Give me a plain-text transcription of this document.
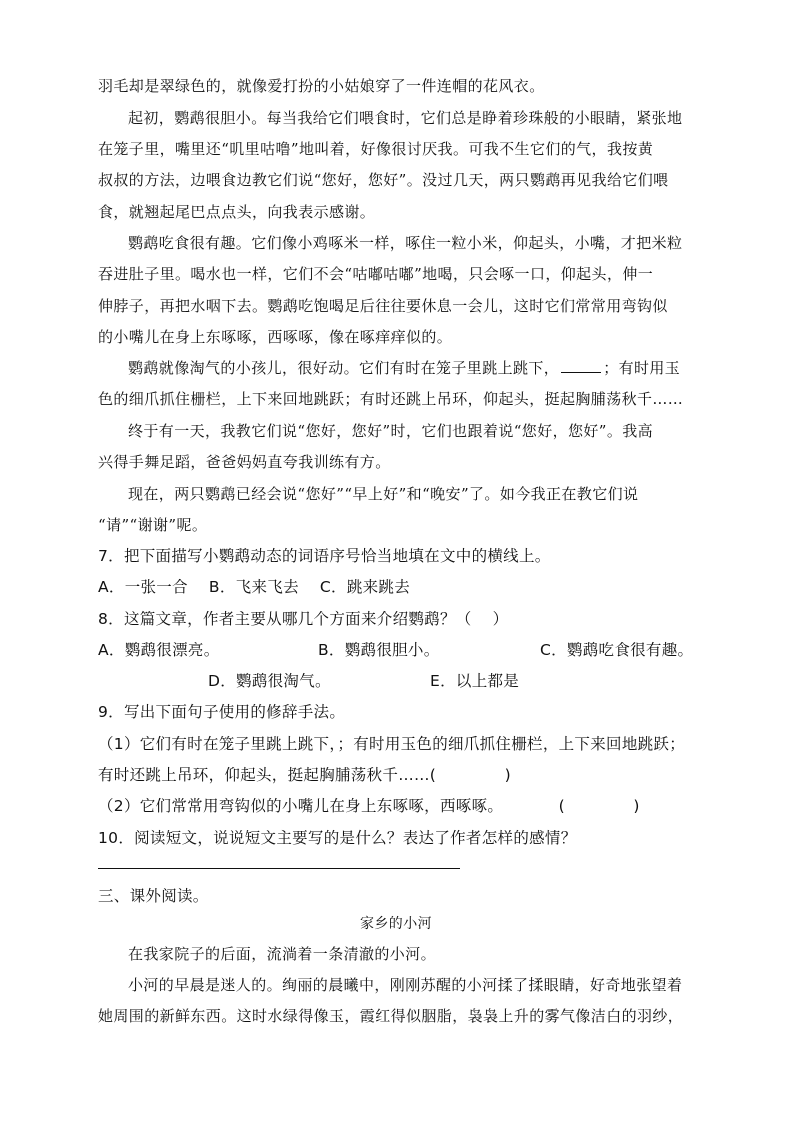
羽毛却是翠绿色的，就像爱打扮的小姑娘穿了一件连帽的花风衣。
起初，鹦鹉很胆小。每当我给它们喂食时，它们总是睁着珍珠般的小眼睛，紧张地
在笼子里，嘴里还“叽里咕噜”地叫着，好像很讨厌我。可我不生它们的气，我按黄
叔叔的方法，边喂食边教它们说“您好，您好”。没过几天，两只鹦鹉再见我给它们喂
食，就翘起尾巴点点头，向我表示感谢。
鹦鹉吃食很有趣。它们像小鸡啄米一样，啄住一粒小米，仰起头，小嘴，才把米粒
吞进肚子里。喝水也一样，它们不会“咕嘟咕嘟”地喝，只会啄一口，仰起头，伸一
伸脖子，再把水咽下去。鹦鹉吃饱喝足后往往要休息一会儿，这时它们常常用弯钩似
的小嘴儿在身上东啄啄，西啄啄，像在啄痒痒似的。
鹦鹉就像淘气的小孩儿，很好动。它们有时在笼子里跳上跳下，	；有时用玉
色的细爪抓住栅栏，上下来回地跳跃；有时还跳上吊环，仰起头，挺起胸脯荡秋千……
终于有一天，我教它们说“您好，您好”时，它们也跟着说“您好，您好”。我高
兴得手舞足蹈，爸爸妈妈直夸我训练有方。
现在，两只鹦鹉已经会说“您好”“早上好”和“晚安”了。如今我正在教它们说
“请”“谢谢”呢。
7．把下面描写小鹦鹉动态的词语序号恰当地填在文中的横线上。
A．一张一合　 B．飞来飞去　 C．跳来跳去
8．这篇文章，作者主要从哪几个方面来介绍鹦鹉？（　 ）
A．鹦鹉很漂亮。	B．鹦鹉很胆小。	C．鹦鹉吃食很有趣。
D．鹦鹉很淘气。	E．以上都是
9．写出下面句子使用的修辞手法。
（1）它们有时在笼子里跳上跳下，；有时用玉色的细爪抓住栅栏，上下来回地跳跃；
有时还跳上吊环，仰起头，挺起胸脯荡秋千……(　　　　 )
（2）它们常常用弯钩似的小嘴儿在身上东啄啄，西啄啄。　　　　(　　　　 )
10．阅读短文，说说短文主要写的是什么？表达了作者怎样的感情？
三、课外阅读。
家乡的小河
在我家院子的后面，流淌着一条清澈的小河。
小河的早晨是迷人的。绚丽的晨曦中，刚刚苏醒的小河揉了揉眼睛，好奇地张望着
她周围的新鲜东西。这时水绿得像玉，霞红得似胭脂，袅袅上升的雾气像洁白的羽纱，
